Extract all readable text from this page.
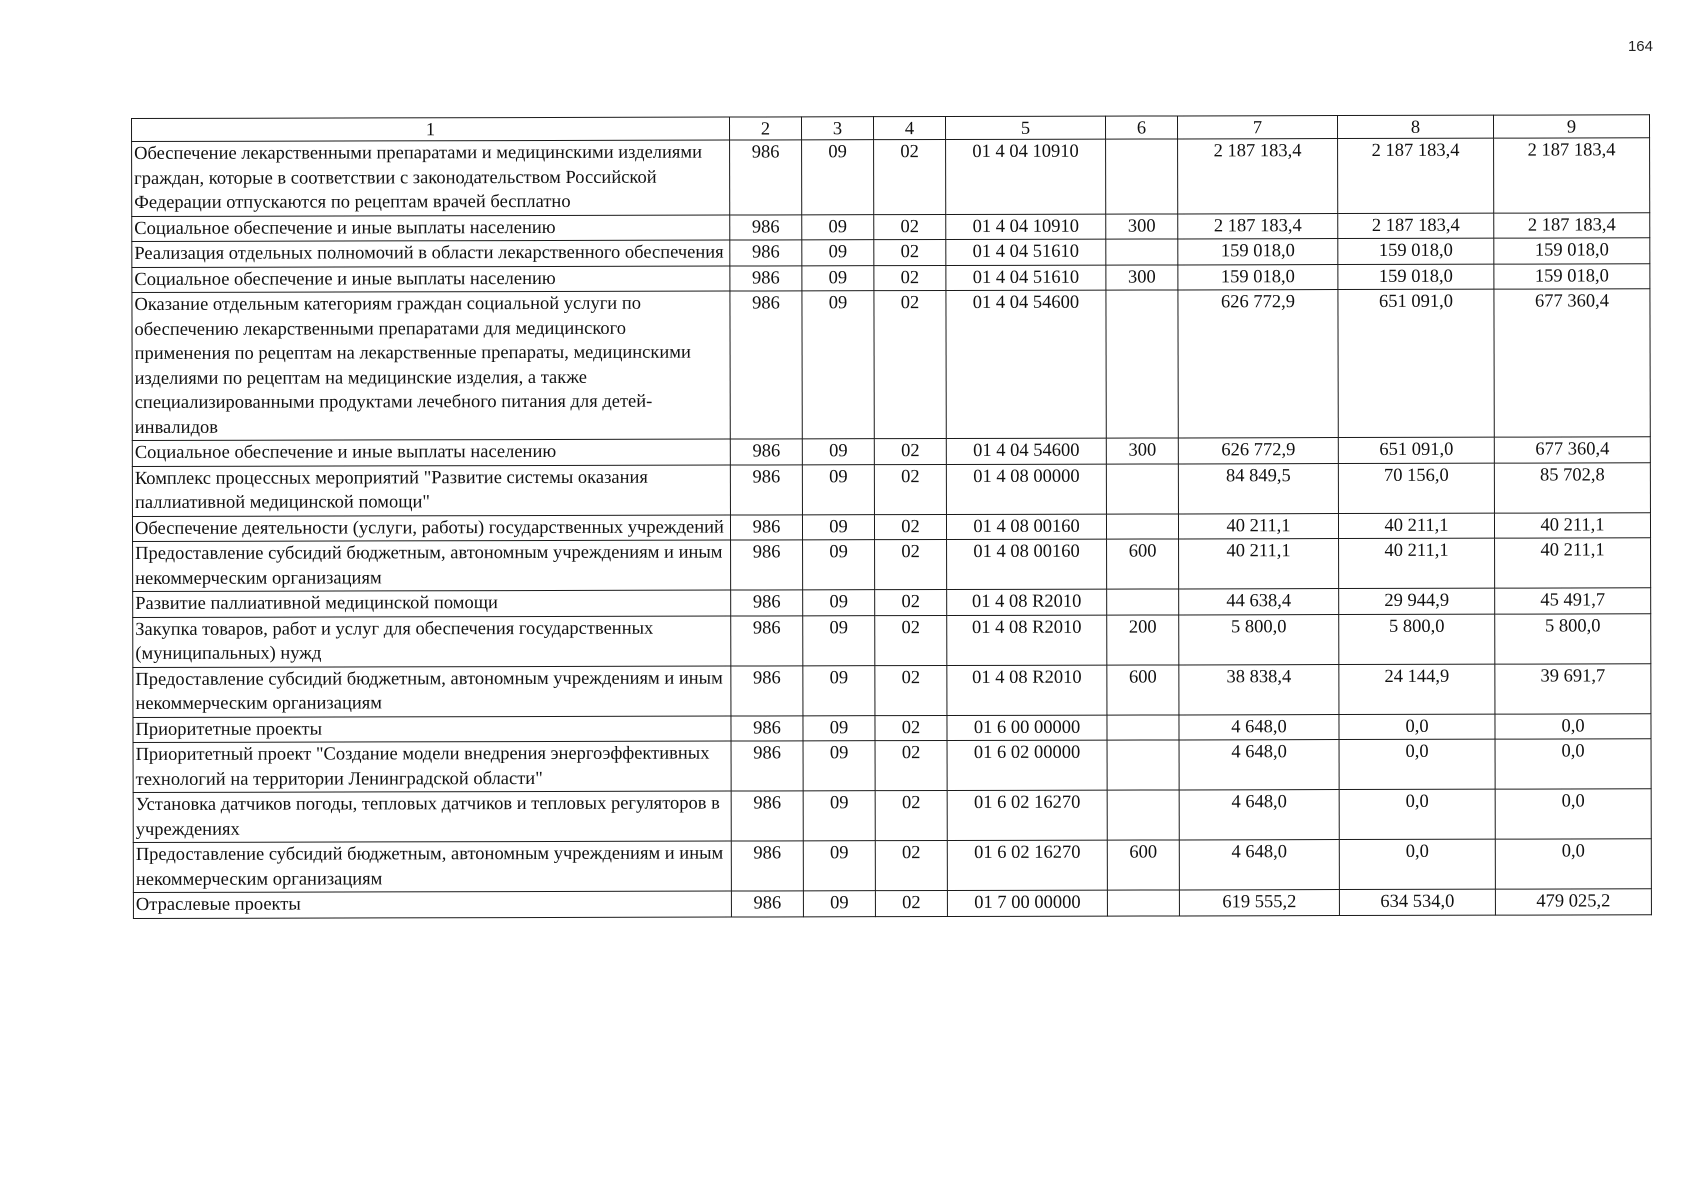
164
1	2	3	4	5	6	7	8	9
Обеспечение лекарственными препаратами и медицинскими изделиями граждан, которые в соответствии с законодательством Российской Федерации отпускаются по рецептам врачей бесплатно	986	09	02	01 4 04 10910		2 187 183,4	2 187 183,4	2 187 183,4
Социальное обеспечение и иные выплаты населению	986	09	02	01 4 04 10910	300	2 187 183,4	2 187 183,4	2 187 183,4
Реализация отдельных полномочий в области лекарственного обеспечения	986	09	02	01 4 04 51610		159 018,0	159 018,0	159 018,0
Социальное обеспечение и иные выплаты населению	986	09	02	01 4 04 51610	300	159 018,0	159 018,0	159 018,0
Оказание отдельным категориям граждан социальной услуги по обеспечению лекарственными препаратами для медицинского применения по рецептам на лекарственные препараты, медицинскими изделиями по рецептам на медицинские изделия, а также специализированными продуктами лечебного питания для детей-инвалидов	986	09	02	01 4 04 54600		626 772,9	651 091,0	677 360,4
Социальное обеспечение и иные выплаты населению	986	09	02	01 4 04 54600	300	626 772,9	651 091,0	677 360,4
Комплекс процессных мероприятий "Развитие системы оказания паллиативной медицинской помощи"	986	09	02	01 4 08 00000		84 849,5	70 156,0	85 702,8
Обеспечение деятельности (услуги, работы) государственных учреждений	986	09	02	01 4 08 00160		40 211,1	40 211,1	40 211,1
Предоставление субсидий бюджетным, автономным учреждениям и иным некоммерческим организациям	986	09	02	01 4 08 00160	600	40 211,1	40 211,1	40 211,1
Развитие паллиативной медицинской помощи	986	09	02	01 4 08 R2010		44 638,4	29 944,9	45 491,7
Закупка товаров, работ и услуг для обеспечения государственных (муниципальных) нужд	986	09	02	01 4 08 R2010	200	5 800,0	5 800,0	5 800,0
Предоставление субсидий бюджетным, автономным учреждениям и иным некоммерческим организациям	986	09	02	01 4 08 R2010	600	38 838,4	24 144,9	39 691,7
Приоритетные проекты	986	09	02	01 6 00 00000		4 648,0	0,0	0,0
Приоритетный проект "Создание модели внедрения энергоэффективных технологий на территории Ленинградской области"	986	09	02	01 6 02 00000		4 648,0	0,0	0,0
Установка датчиков погоды, тепловых датчиков и тепловых регуляторов в учреждениях	986	09	02	01 6 02 16270		4 648,0	0,0	0,0
Предоставление субсидий бюджетным, автономным учреждениям и иным некоммерческим организациям	986	09	02	01 6 02 16270	600	4 648,0	0,0	0,0
Отраслевые проекты	986	09	02	01 7 00 00000		619 555,2	634 534,0	479 025,2
